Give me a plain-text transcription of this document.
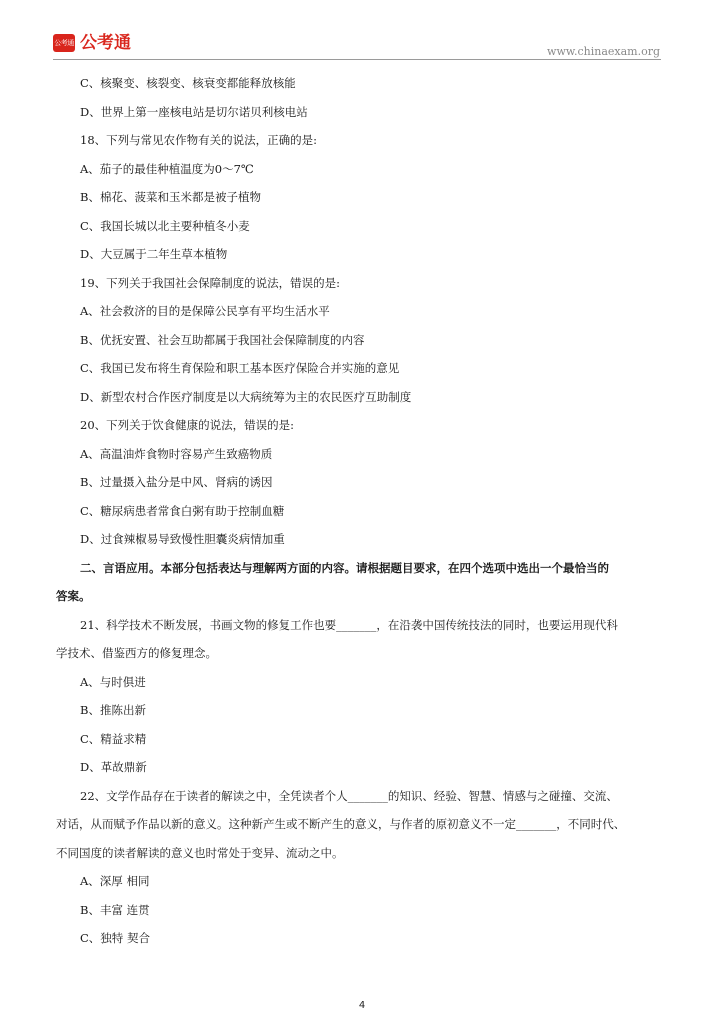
公考通 公考通	www.chinaexam.org

C、核聚变、核裂变、核衰变都能释放核能

D、世界上第一座核电站是切尔诺贝利核电站

18、下列与常见农作物有关的说法，正确的是:

A、茄子的最佳种植温度为0～7℃

B、棉花、菠菜和玉米都是被子植物

C、我国长城以北主要种植冬小麦

D、大豆属于二年生草本植物

19、下列关于我国社会保障制度的说法，错误的是:

A、社会救济的目的是保障公民享有平均生活水平

B、优抚安置、社会互助都属于我国社会保障制度的内容

C、我国已发布将生育保险和职工基本医疗保险合并实施的意见

D、新型农村合作医疗制度是以大病统筹为主的农民医疗互助制度

20、下列关于饮食健康的说法，错误的是:

A、高温油炸食物时容易产生致癌物质

B、过量摄入盐分是中风、肾病的诱因

C、糖尿病患者常食白粥有助于控制血糖

D、过食辣椒易导致慢性胆囊炎病情加重

二、言语应用。本部分包括表达与理解两方面的内容。请根据题目要求，在四个选项中选出一个最恰当的

答案。

21、科学技术不断发展，书画文物的修复工作也要_______，在沿袭中国传统技法的同时，也要运用现代科

学技术、借鉴西方的修复理念。

A、与时俱进

B、推陈出新

C、精益求精

D、革故鼎新

22、文学作品存在于读者的解读之中，全凭读者个人_______的知识、经验、智慧、情感与之碰撞、交流、

对话，从而赋予作品以新的意义。这种新产生或不断产生的意义，与作者的原初意义不一定_______，不同时代、

不同国度的读者解读的意义也时常处于变异、流动之中。

A、深厚 相同

B、丰富 连贯

C、独特 契合

4
